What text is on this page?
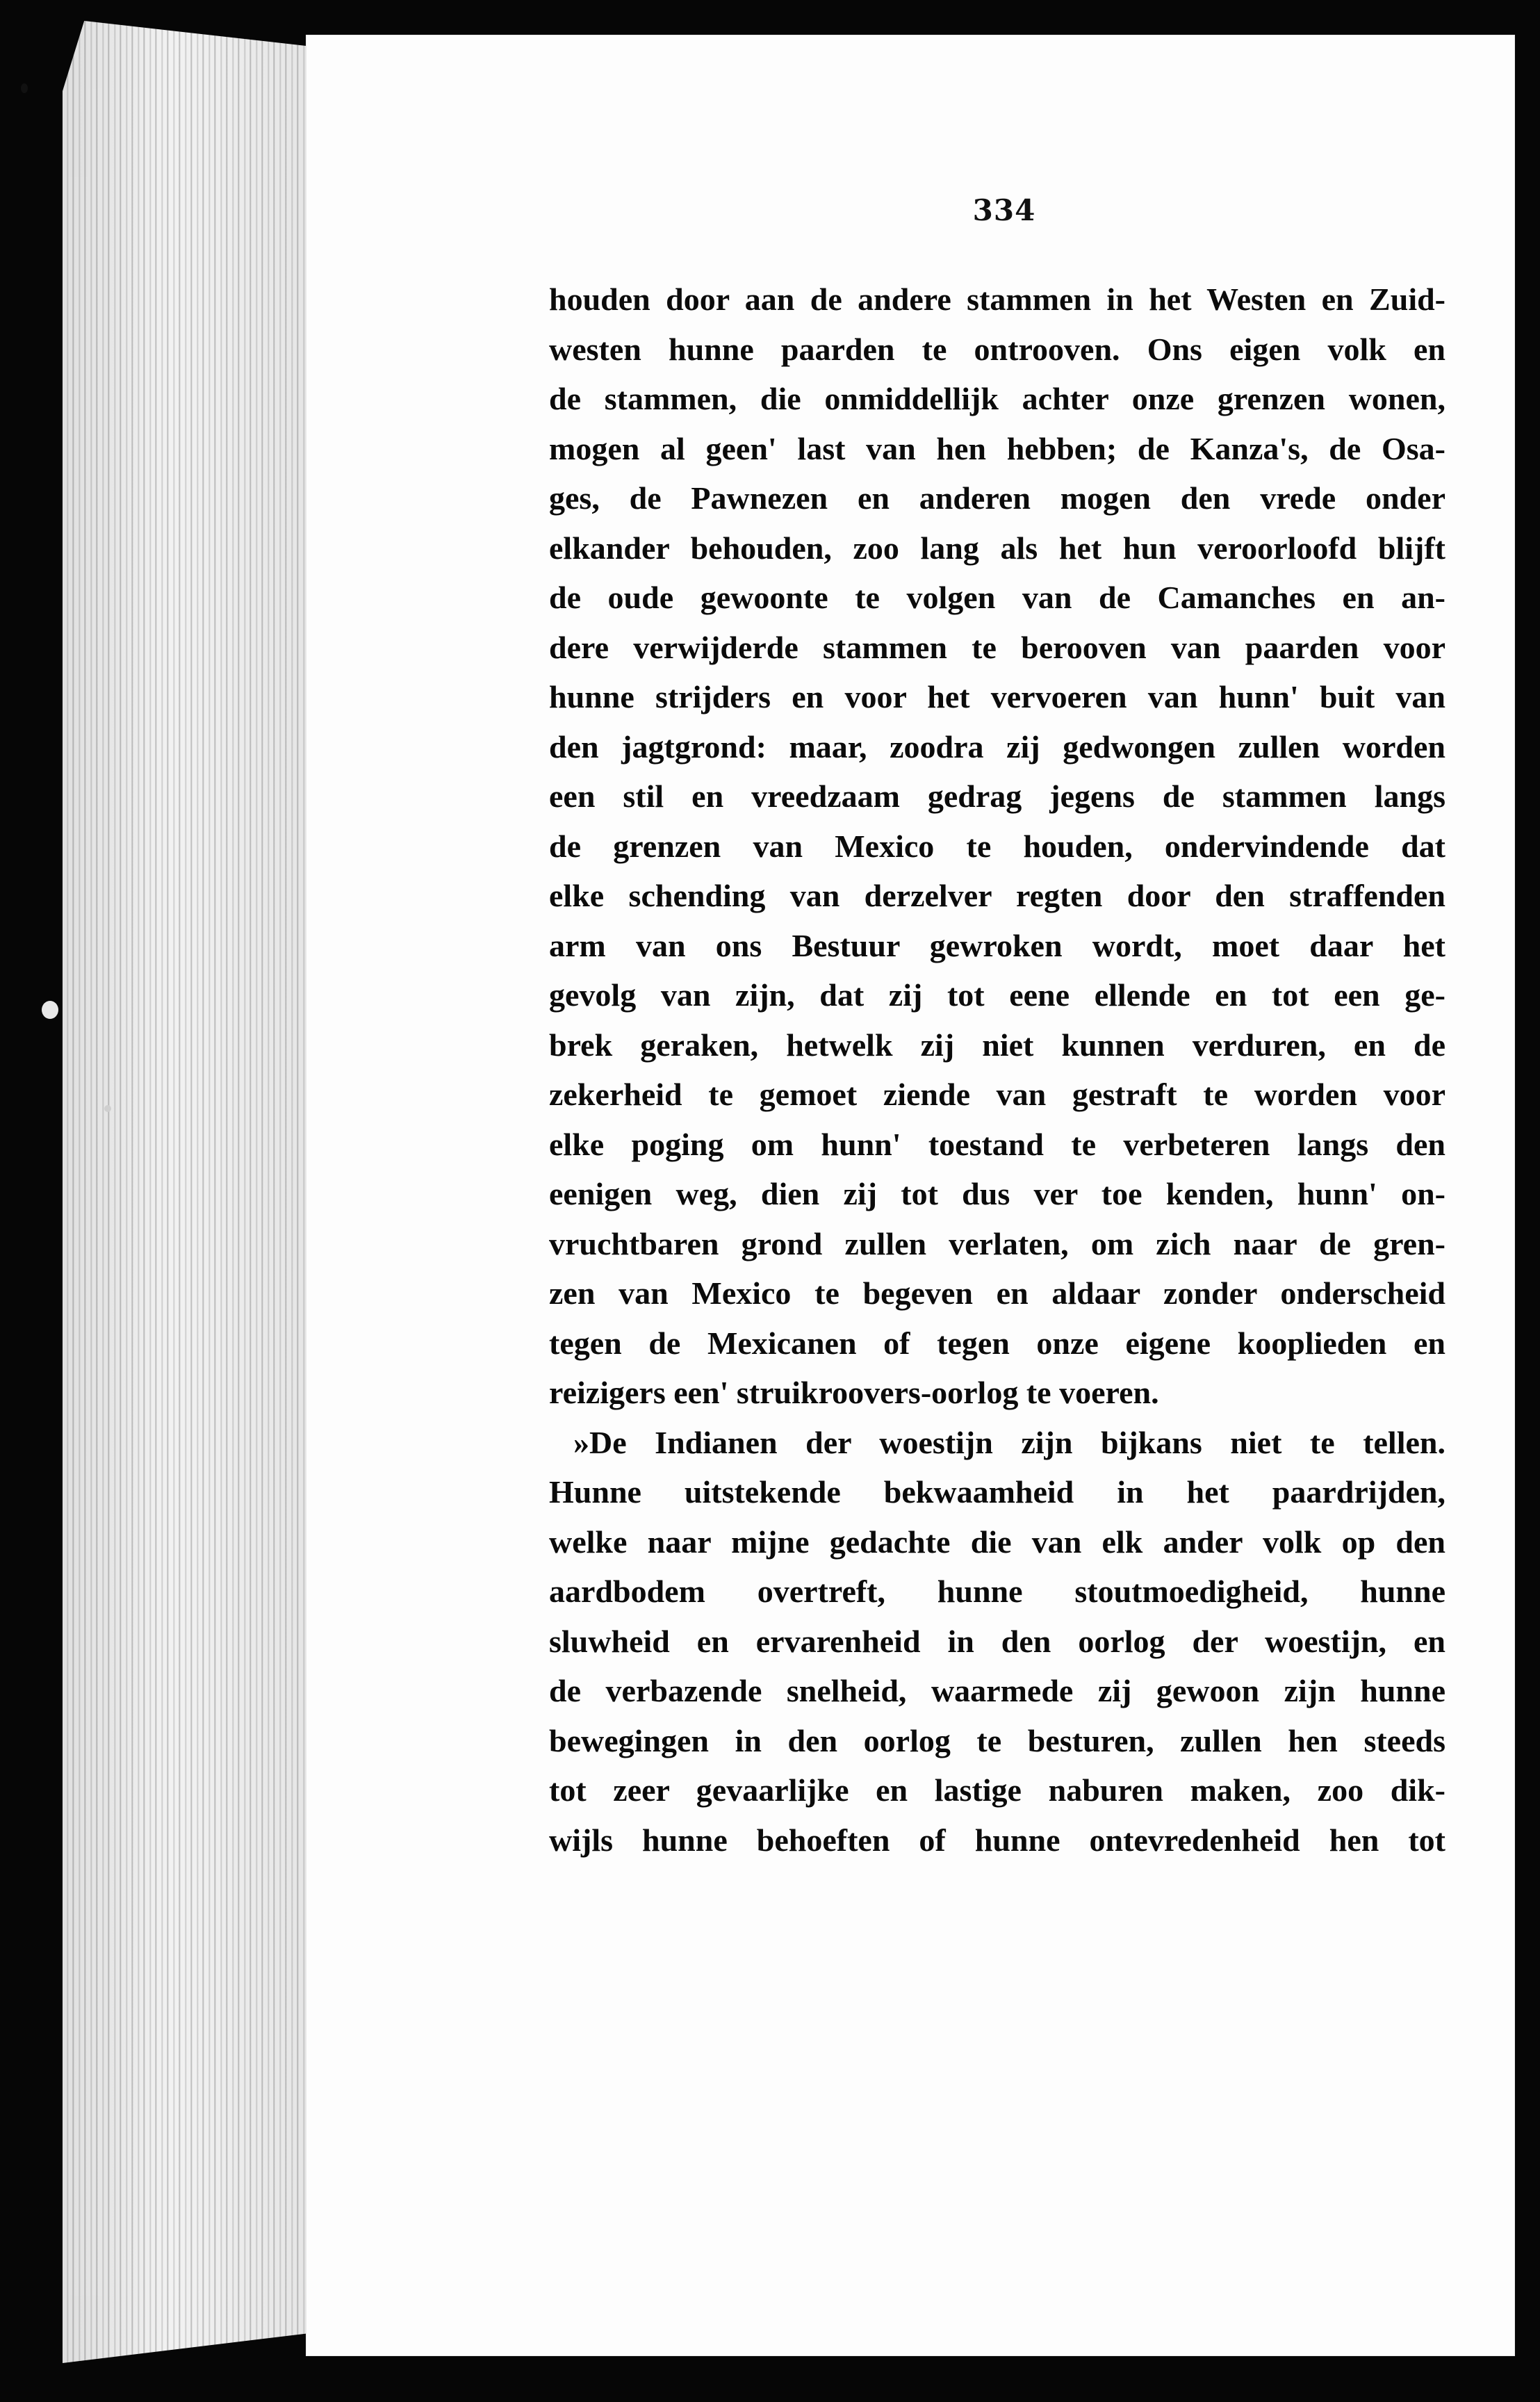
334
houden door aan de andere stammen in het Westen en Zuid-
westen hunne paarden te ontrooven. Ons eigen volk en
de stammen, die onmiddellijk achter onze grenzen wonen,
mogen al geen' last van hen hebben; de Kanza's, de Osa-
ges, de Pawnezen en anderen mogen den vrede onder
elkander behouden, zoo lang als het hun veroorloofd blijft
de oude gewoonte te volgen van de Camanches en an-
dere verwijderde stammen te berooven van paarden voor
hunne strijders en voor het vervoeren van hunn' buit van
den jagtgrond: maar, zoodra zij gedwongen zullen worden
een stil en vreedzaam gedrag jegens de stammen langs
de grenzen van Mexico te houden, ondervindende dat
elke schending van derzelver regten door den straffenden
arm van ons Bestuur gewroken wordt, moet daar het
gevolg van zijn, dat zij tot eene ellende en tot een ge-
brek geraken, hetwelk zij niet kunnen verduren, en de
zekerheid te gemoet ziende van gestraft te worden voor
elke poging om hunn' toestand te verbeteren langs den
eenigen weg, dien zij tot dus ver toe kenden, hunn' on-
vruchtbaren grond zullen verlaten, om zich naar de gren-
zen van Mexico te begeven en aldaar zonder onderscheid
tegen de Mexicanen of tegen onze eigene kooplieden en
reizigers een' struikroovers-oorlog te voeren.
»De Indianen der woestijn zijn bijkans niet te tellen.
Hunne uitstekende bekwaamheid in het paardrijden,
welke naar mijne gedachte die van elk ander volk op den
aardbodem overtreft, hunne stoutmoedigheid, hunne
sluwheid en ervarenheid in den oorlog der woestijn, en
de verbazende snelheid, waarmede zij gewoon zijn hunne
bewegingen in den oorlog te besturen, zullen hen steeds
tot zeer gevaarlijke en lastige naburen maken, zoo dik-
wijls hunne behoeften of hunne ontevredenheid hen tot
